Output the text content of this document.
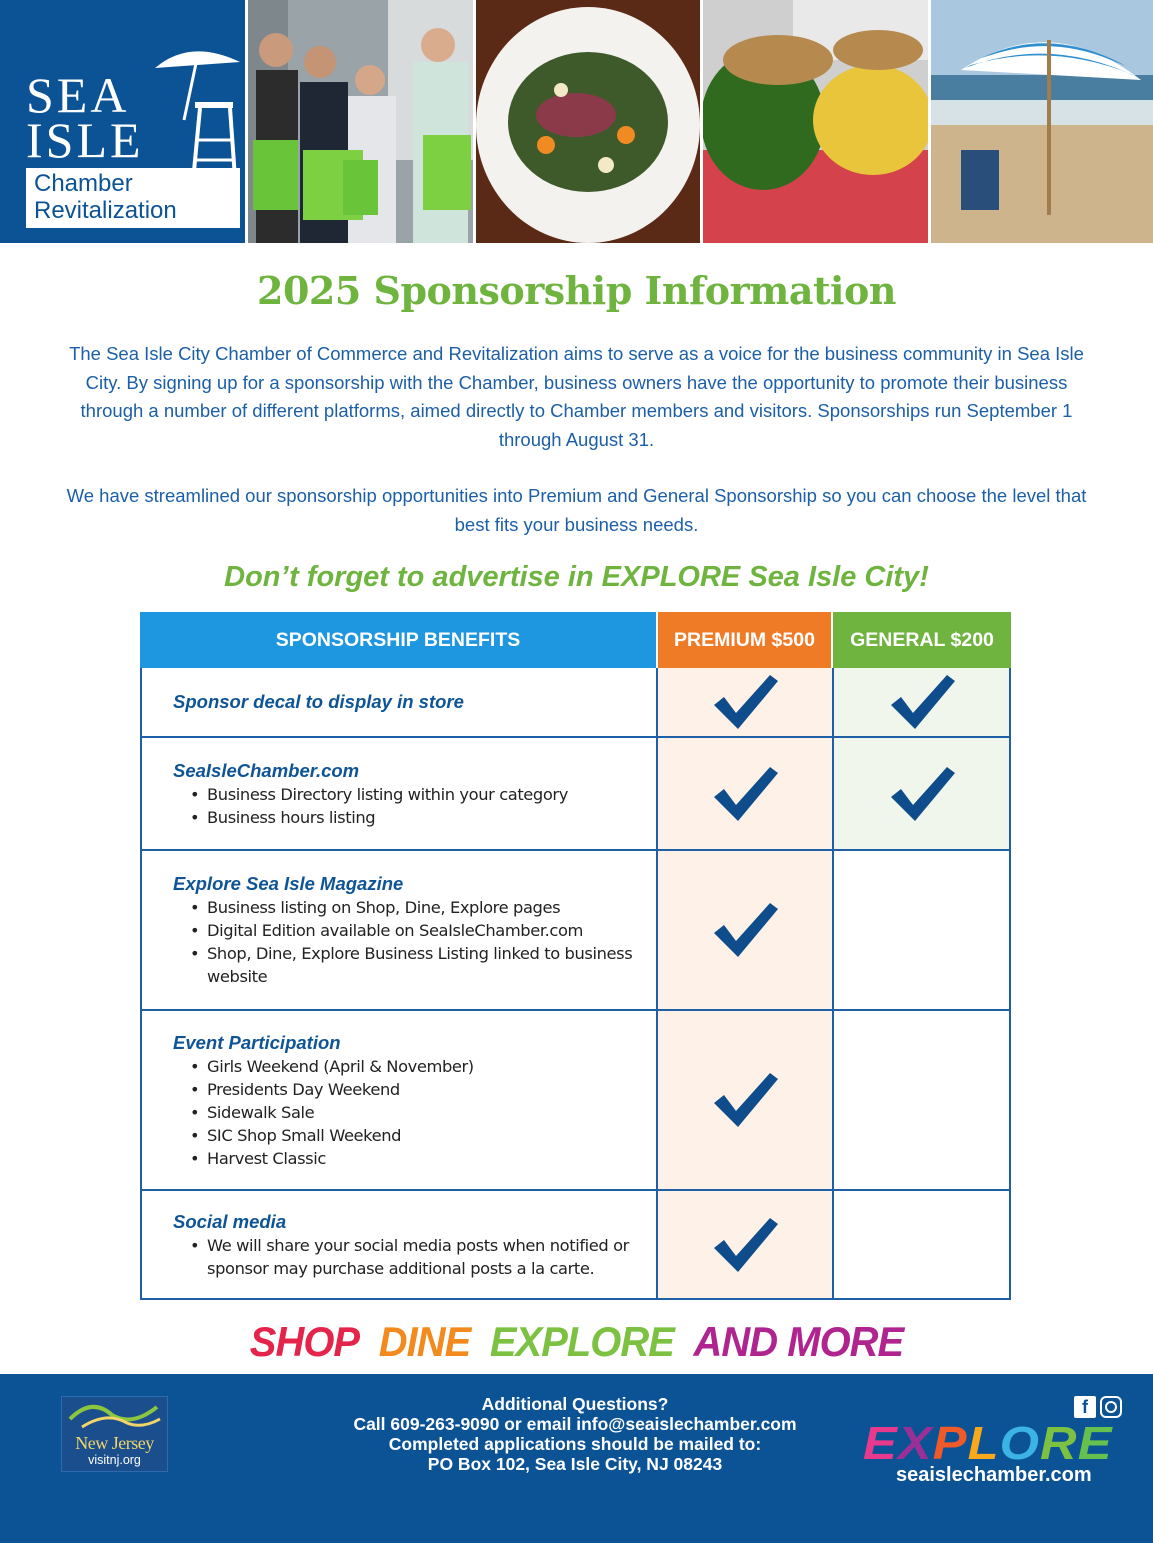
SEA
ISLE
Chamber
Revitalization
2025 Sponsorship Information

The Sea Isle City Chamber of Commerce and Revitalization aims to serve as a voice for the business community in Sea Isle City. By signing up for a sponsorship with the Chamber, business owners have the opportunity to promote their business through a number of different platforms, aimed directly to Chamber members and visitors. Sponsorships run September 1 through August 31.

We have streamlined our sponsorship opportunities into Premium and General Sponsorship so you can choose the level that best fits your business needs.

Don’t forget to advertise in EXPLORE Sea Isle City!
SPONSORSHIP BENEFITS	PREMIUM $500	GENERAL $200
Sponsor decal to display in store
SeaIsleChamber.com
• Business Directory listing within your category
• Business hours listing
Explore Sea Isle Magazine
• Business listing on Shop, Dine, Explore pages
• Digital Edition available on SeaIsleChamber.com
• Shop, Dine, Explore Business Listing linked to business website
Event Participation
• Girls Weekend (April & November)
• Presidents Day Weekend
• Sidewalk Sale
• SIC Shop Small Weekend
• Harvest Classic
Social media
• We will share your social media posts when notified or sponsor may purchase additional posts a la carte.
SHOP DINE EXPLORE AND MORE
New Jersey
visitnj.org
Additional Questions?
Call 609-263-9090 or email info@seaislechamber.com
Completed applications should be mailed to:
PO Box 102, Sea Isle City, NJ 08243
f
EXPLORE
seaislechamber.com
